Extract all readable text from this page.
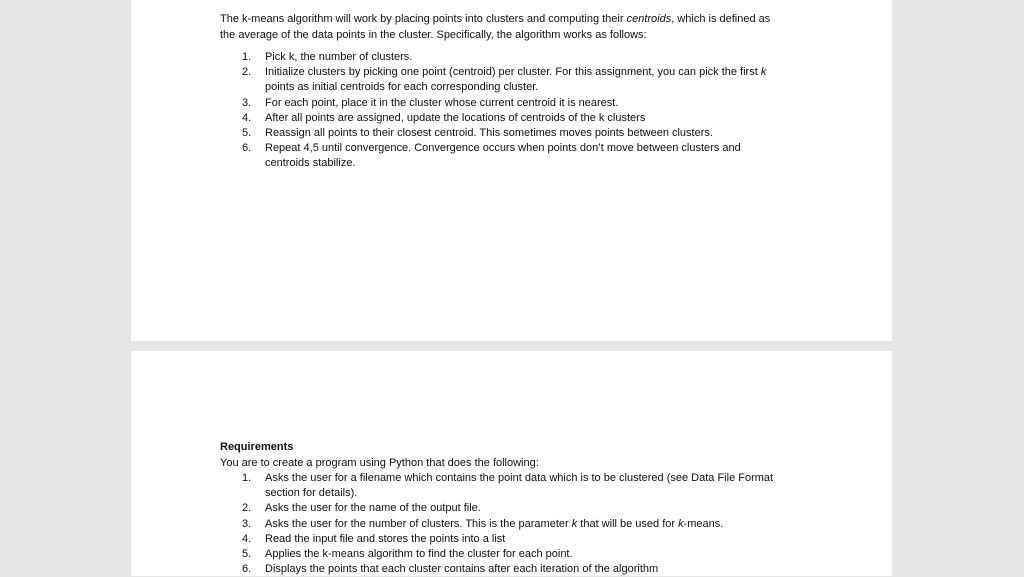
The k-means algorithm will work by placing points into clusters and computing their centroids, which is defined as
the average of the data points in the cluster. Specifically, the algorithm works as follows:
1. Pick k, the number of clusters.
2. Initialize clusters by picking one point (centroid) per cluster. For this assignment, you can pick the first k
points as initial centroids for each corresponding cluster.
3. For each point, place it in the cluster whose current centroid it is nearest.
4. After all points are assigned, update the locations of centroids of the k clusters
5. Reassign all points to their closest centroid. This sometimes moves points between clusters.
6. Repeat 4,5 until convergence. Convergence occurs when points don’t move between clusters and
centroids stabilize.
Requirements
You are to create a program using Python that does the following:
1. Asks the user for a filename which contains the point data which is to be clustered (see Data File Format
section for details).
2. Asks the user for the name of the output file.
3. Asks the user for the number of clusters. This is the parameter k that will be used for k-means.
4. Read the input file and stores the points into a list
5. Applies the k-means algorithm to find the cluster for each point.
6. Displays the points that each cluster contains after each iteration of the algorithm
